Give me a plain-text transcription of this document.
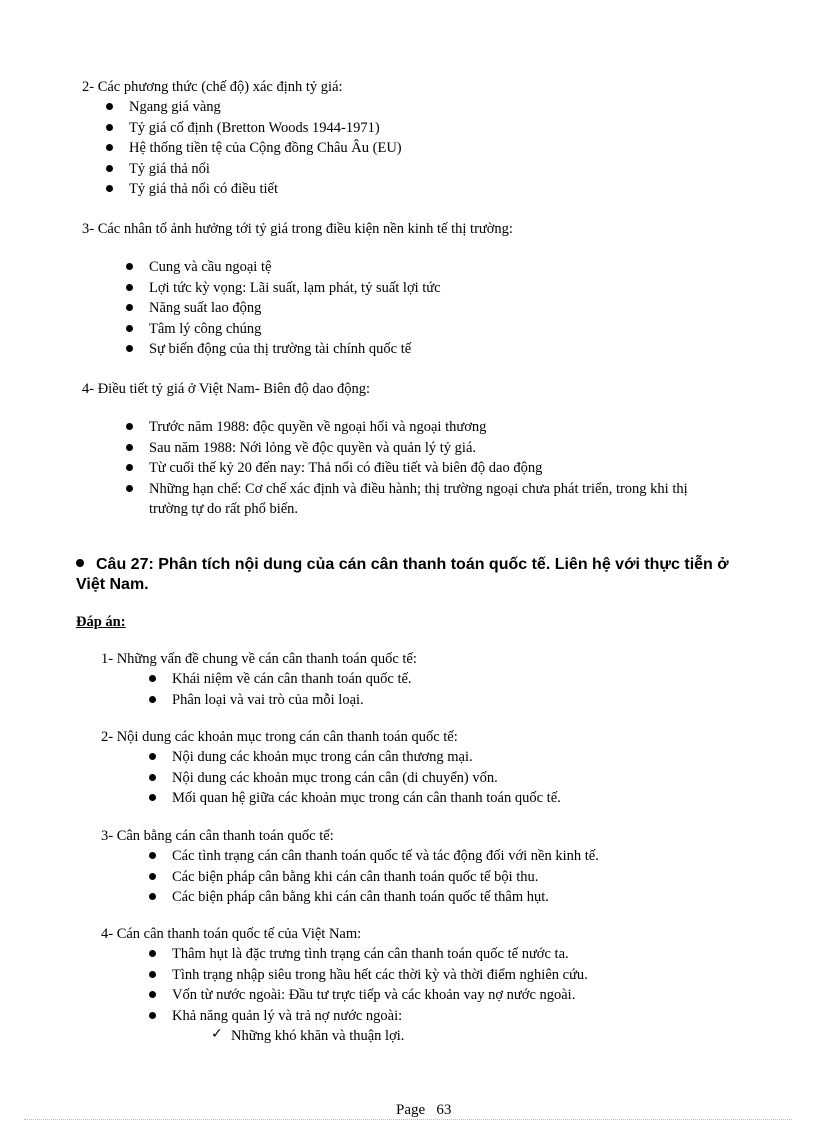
2- Các phương thức (chế độ) xác định tỷ giá:
Ngang giá vàng
Tỷ giá cố định (Bretton Woods 1944-1971)
Hệ thống tiền tệ của Cộng đồng Châu Âu (EU)
Tỷ giá thả nổi
Tỷ giá thả nổi có điều tiết
3- Các nhân tố ảnh hưởng tới tỷ giá trong điều kiện nền kinh tế thị trường:
Cung và cầu ngoại tệ
Lợi tức kỳ vọng: Lãi suất, lạm phát, tỷ suất lợi tức
Năng suất lao động
Tâm lý công chúng
Sự biến động của thị trường tài chính quốc tế
4- Điều tiết tỷ giá ở Việt Nam- Biên độ dao động:
Trước năm 1988: độc quyền về ngoại hối và ngoại thương
Sau năm 1988: Nới lỏng về độc quyền và quản lý tỷ giá.
Từ cuối thế kỷ 20 đến nay: Thả nổi có điều tiết và biên độ dao động
Những hạn chế: Cơ chế xác định và điều hành; thị trường ngoại chưa phát triển, trong khi thị
trường tự do rất phổ biến.
Câu 27: Phân tích nội dung của cán cân thanh toán quốc tế. Liên hệ với thực tiễn ở Việt Nam.
Đáp án:
1- Những vấn đề chung về cán cân thanh toán quốc tế:
Khái niệm về cán cân thanh toán quốc tế.
Phân loại và vai trò của mỗi loại.
2- Nội dung các khoản mục trong cán cân thanh toán quốc tế:
Nội dung các khoản mục trong cán cân thương mại.
Nội dung các khoản mục trong cán cân (di chuyển) vốn.
Mối quan hệ giữa các khoản mục trong cán cân thanh toán quốc tế.
3- Cân bằng cán cân thanh toán quốc tế:
Các tình trạng cán cân thanh toán quốc tế và tác động đối với nền kinh tế.
Các biện pháp cân bằng khi cán cân thanh toán quốc tế bội thu.
Các biện pháp cân bằng khi cán cân thanh toán quốc tế thâm hụt.
4- Cán cân thanh toán quốc tế của Việt Nam:
Thâm hụt là đặc trưng tình trạng cán cân thanh toán quốc tế nước ta.
Tình trạng nhập siêu trong hầu hết các thời kỳ và thời điểm nghiên cứu.
Vốn từ nước ngoài: Đầu tư trực tiếp và các khoản vay nợ nước ngoài.
Khả năng quản lý và trả nợ nước ngoài:
✓ Những khó khăn và thuận lợi.
Page 63
